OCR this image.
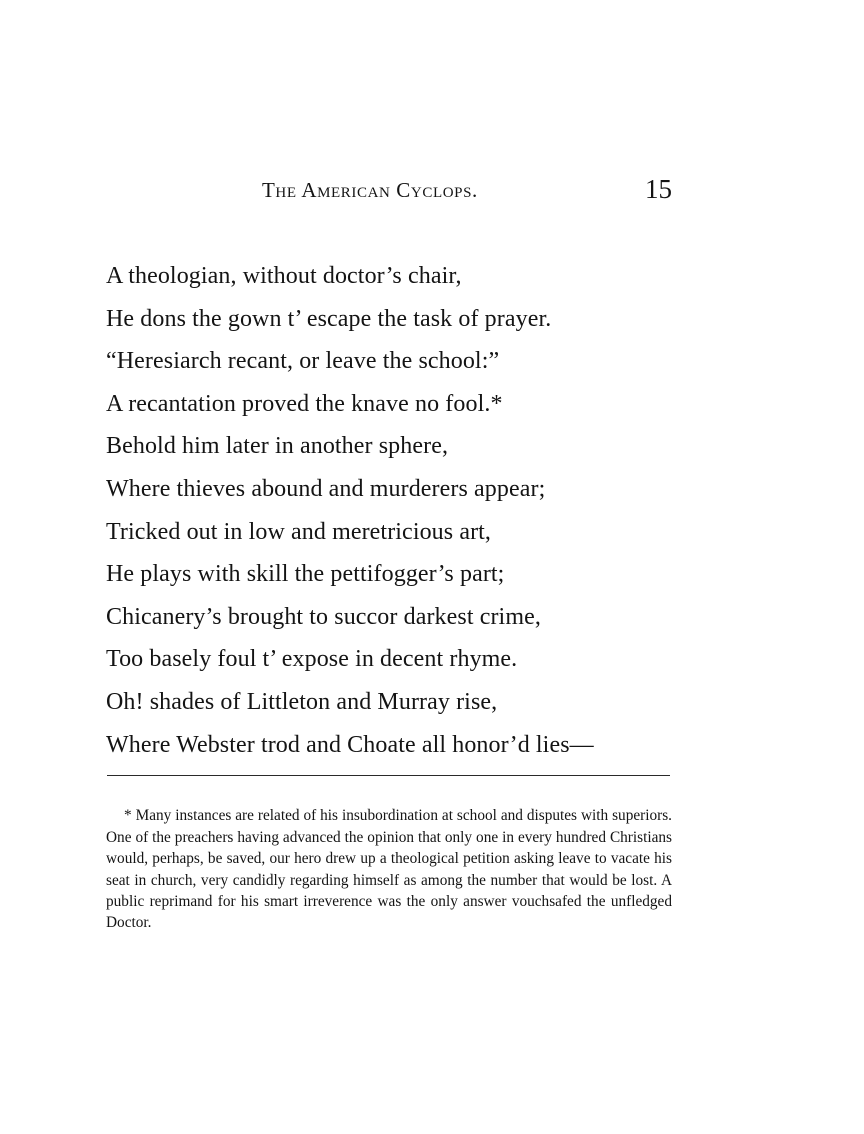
The American Cyclops.	15
A theologian, without doctor’s chair,
He dons the gown t’ escape the task of prayer.
“Heresiarch recant, or leave the school:”
A recantation proved the knave no fool.*
Behold him later in another sphere,
Where thieves abound and murderers appear;
Tricked out in low and meretricious art,
He plays with skill the pettifogger’s part;
Chicanery’s brought to succor darkest crime,
Too basely foul t’ expose in decent rhyme.
Oh! shades of Littleton and Murray rise,
Where Webster trod and Choate all honor’d lies—

* Many instances are related of his insubordination at school and disputes with superiors. One of the preachers having advanced the opinion that only one in every hundred Christians would, perhaps, be saved, our hero drew up a theological petition asking leave to vacate his seat in church, very candidly regarding himself as among the number that would be lost. A public reprimand for his smart irreverence was the only answer vouchsafed the unfledged Doctor.
